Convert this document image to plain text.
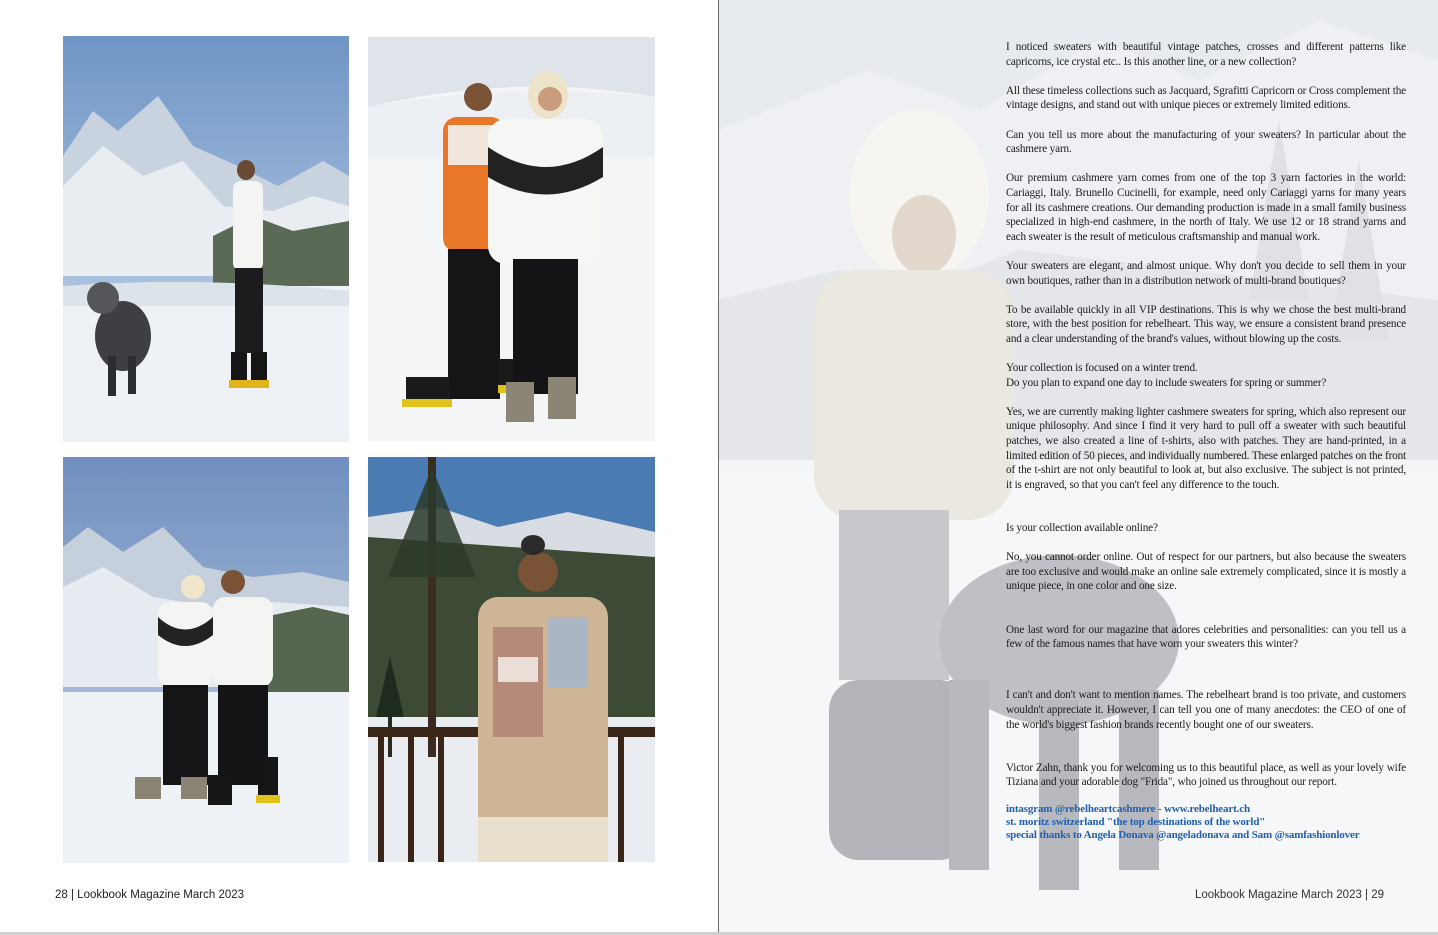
28 | Lookbook Magazine March 2023	Lookbook Magazine March 2023 | 29

I noticed sweaters with beautiful vintage patches, crosses and different patterns like capricorns, ice crystal etc.. Is this another line, or a new collection?

All these timeless collections such as Jacquard, Sgrafitti Capricorn or Cross complement the vintage designs, and stand out with unique pieces or extremely limited editions.

Can you tell us more about the manufacturing of your sweaters? In particular about the cashmere yarn.

Our premium cashmere yarn comes from one of the top 3 yarn factories in the world: Cariaggi, Italy. Brunello Cucinelli, for example, need only Cariaggi yarns for many years for all its cashmere creations. Our demanding production is made in a small family business specialized in high-end cashmere, in the north of Italy. We use 12 or 18 strand yarns and each sweater is the result of meticulous craftsmanship and manual work.

Your sweaters are elegant, and almost unique. Why don't you decide to sell them in your own boutiques, rather than in a distribution network of multi-brand boutiques?

To be available quickly in all VIP destinations. This is why we chose the best multi-brand store, with the best position for rebelheart. This way, we ensure a consistent brand presence and a clear understanding of the brand's values, without blowing up the costs.

Your collection is focused on a winter trend.

Do you plan to expand one day to include sweaters for spring or summer?

Yes, we are currently making lighter cashmere sweaters for spring, which also represent our unique philosophy. And since I find it very hard to pull off a sweater with such beautiful patches, we also created a line of t-shirts, also with patches. They are hand-printed, in a limited edition of 50 pieces, and individually numbered. These enlarged patches on the front of the t-shirt are not only beautiful to look at, but also exclusive. The subject is not printed, it is engraved, so that you can't feel any difference to the touch.

Is your collection available online?

No, you cannot order online. Out of respect for our partners, but also because the sweaters are too exclusive and would make an online sale extremely complicated, since it is mostly a unique piece, in one color and one size.

One last word for our magazine that adores celebrities and personalities: can you tell us a few of the famous names that have worn your sweaters this winter?

I can't and don't want to mention names. The rebelheart brand is too private, and customers wouldn't appreciate it. However, I can tell you one of many anecdotes: the CEO of one of the world's biggest fashion brands recently bought one of our sweaters.

Victor Zahn, thank you for welcoming us to this beautiful place, as well as your lovely wife Tiziana and your adorable dog "Frida", who joined us throughout our report.

intasgram @rebelheartcashmere - www.rebelheart.ch
st. moritz switzerland "the top destinations of the world"
special thanks to Angela Donava @angeladonava and Sam @samfashionlover
